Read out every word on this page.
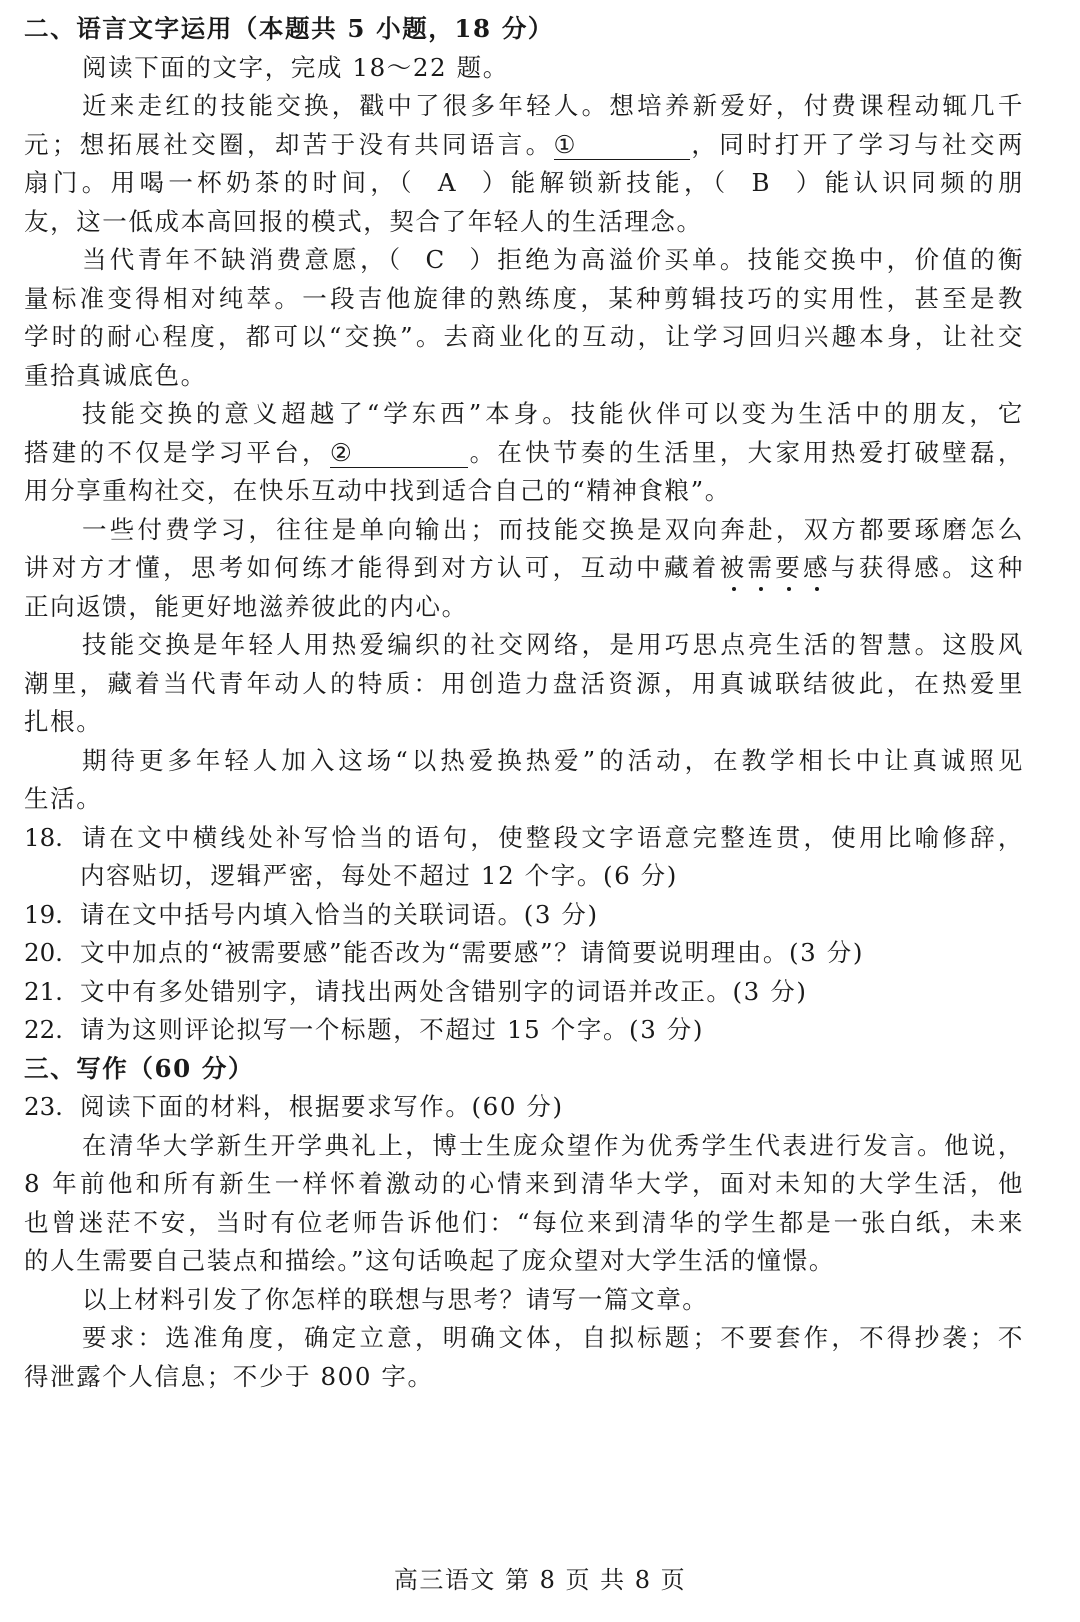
二、语言文字运用（本题共 5 小题，18 分）
阅读下面的文字，完成 18～22 题。
近来走红的技能交换，戳中了很多年轻人。想培养新爱好，付费课程动辄几千
元；想拓展社交圈，却苦于没有共同语言。①	，同时打开了学习与社交两
扇门。用喝一杯奶茶的时间，（ A ）能解锁新技能，（ B ）能认识同频的朋
友，这一低成本高回报的模式，契合了年轻人的生活理念。
当代青年不缺消费意愿，（ C ）拒绝为高溢价买单。技能交换中，价值的衡
量标准变得相对纯萃。一段吉他旋律的熟练度，某种剪辑技巧的实用性，甚至是教
学时的耐心程度，都可以“交换”。去商业化的互动，让学习回归兴趣本身，让社交
重拾真诚底色。
技能交换的意义超越了“学东西”本身。技能伙伴可以变为生活中的朋友，它
搭建的不仅是学习平台，②	。在快节奏的生活里，大家用热爱打破壁磊，
用分享重构社交，在快乐互动中找到适合自己的“精神食粮”。
一些付费学习，往往是单向输出；而技能交换是双向奔赴，双方都要琢磨怎么
讲对方才懂，思考如何练才能得到对方认可，互动中藏着被需要感与获得感。这种
正向返馈，能更好地滋养彼此的内心。
技能交换是年轻人用热爱编织的社交网络，是用巧思点亮生活的智慧。这股风
潮里，藏着当代青年动人的特质：用创造力盘活资源，用真诚联结彼此，在热爱里
扎根。
期待更多年轻人加入这场“以热爱换热爱”的活动，在教学相长中让真诚照见
生活。
18. 请在文中横线处补写恰当的语句，使整段文字语意完整连贯，使用比喻修辞，
内容贴切，逻辑严密，每处不超过 12 个字。(6 分)
19. 请在文中括号内填入恰当的关联词语。(3 分)
20. 文中加点的“被需要感”能否改为“需要感”？请简要说明理由。(3 分)
21. 文中有多处错别字，请找出两处含错别字的词语并改正。(3 分)
22. 请为这则评论拟写一个标题，不超过 15 个字。(3 分)
三、写作（60 分）
23. 阅读下面的材料，根据要求写作。(60 分)
在清华大学新生开学典礼上，博士生庞众望作为优秀学生代表进行发言。他说，
8 年前他和所有新生一样怀着激动的心情来到清华大学，面对未知的大学生活，他
也曾迷茫不安，当时有位老师告诉他们：“每位来到清华的学生都是一张白纸，未来
的人生需要自己装点和描绘。”这句话唤起了庞众望对大学生活的憧憬。
以上材料引发了你怎样的联想与思考？请写一篇文章。
要求：选准角度，确定立意，明确文体，自拟标题；不要套作，不得抄袭；不
得泄露个人信息；不少于 800 字。
高三语文 第 8 页 共 8 页
